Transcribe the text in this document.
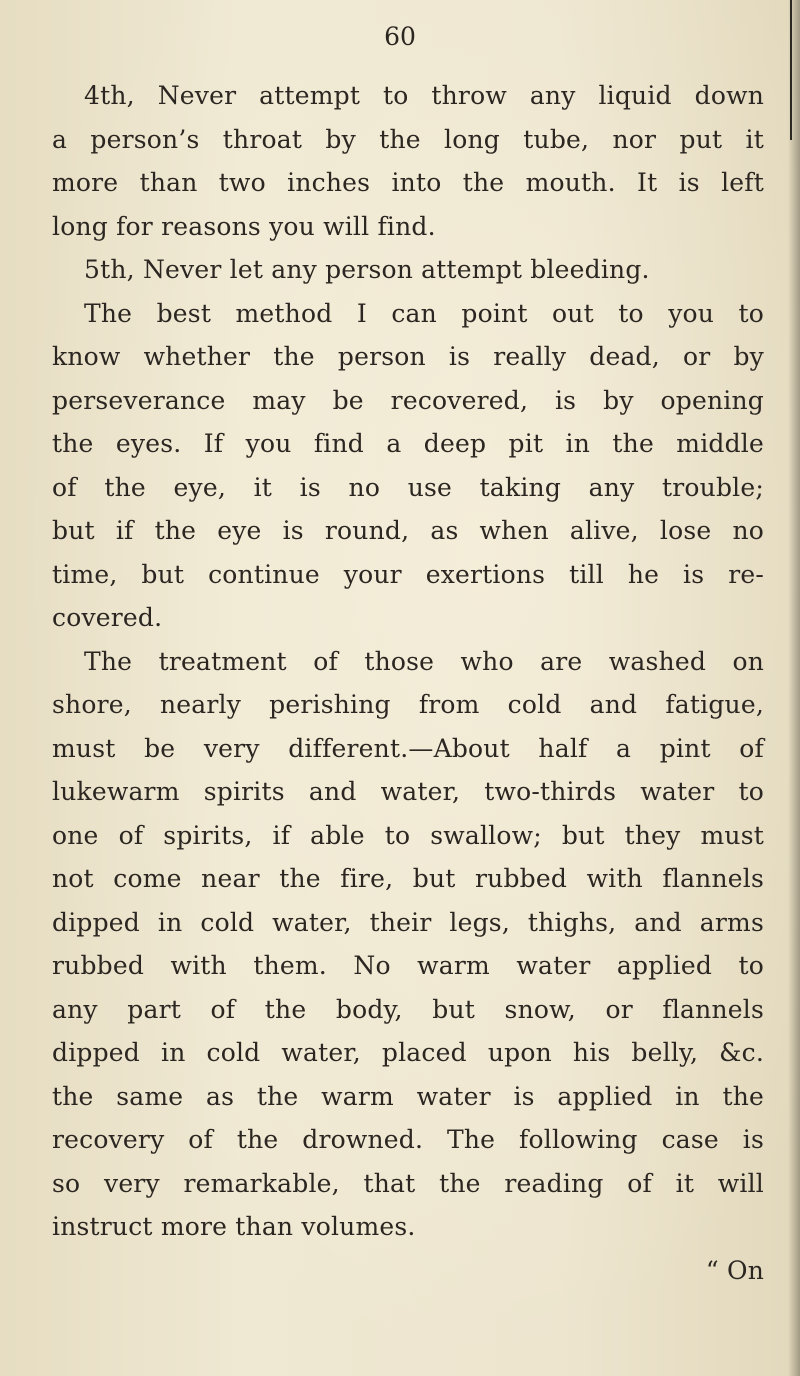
60
4th, Never attempt to throw any liquid down
a person’s throat by the long tube, nor put it
more than two inches into the mouth. It is left
long for reasons you will find.
5th, Never let any person attempt bleeding.
The best method I can point out to you to
know whether the person is really dead, or by
perseverance may be recovered, is by opening
the eyes. If you find a deep pit in the middle
of the eye, it is no use taking any trouble;
but if the eye is round, as when alive, lose no
time, but continue your exertions till he is re-
covered.
The treatment of those who are washed on
shore, nearly perishing from cold and fatigue,
must be very different.—About half a pint of
lukewarm spirits and water, two-thirds water to
one of spirits, if able to swallow; but they must
not come near the fire, but rubbed with flannels
dipped in cold water, their legs, thighs, and arms
rubbed with them. No warm water applied to
any part of the body, but snow, or flannels
dipped in cold water, placed upon his belly, &c.
the same as the warm water is applied in the
recovery of the drowned. The following case is
so very remarkable, that the reading of it will
instruct more than volumes.
“ On
